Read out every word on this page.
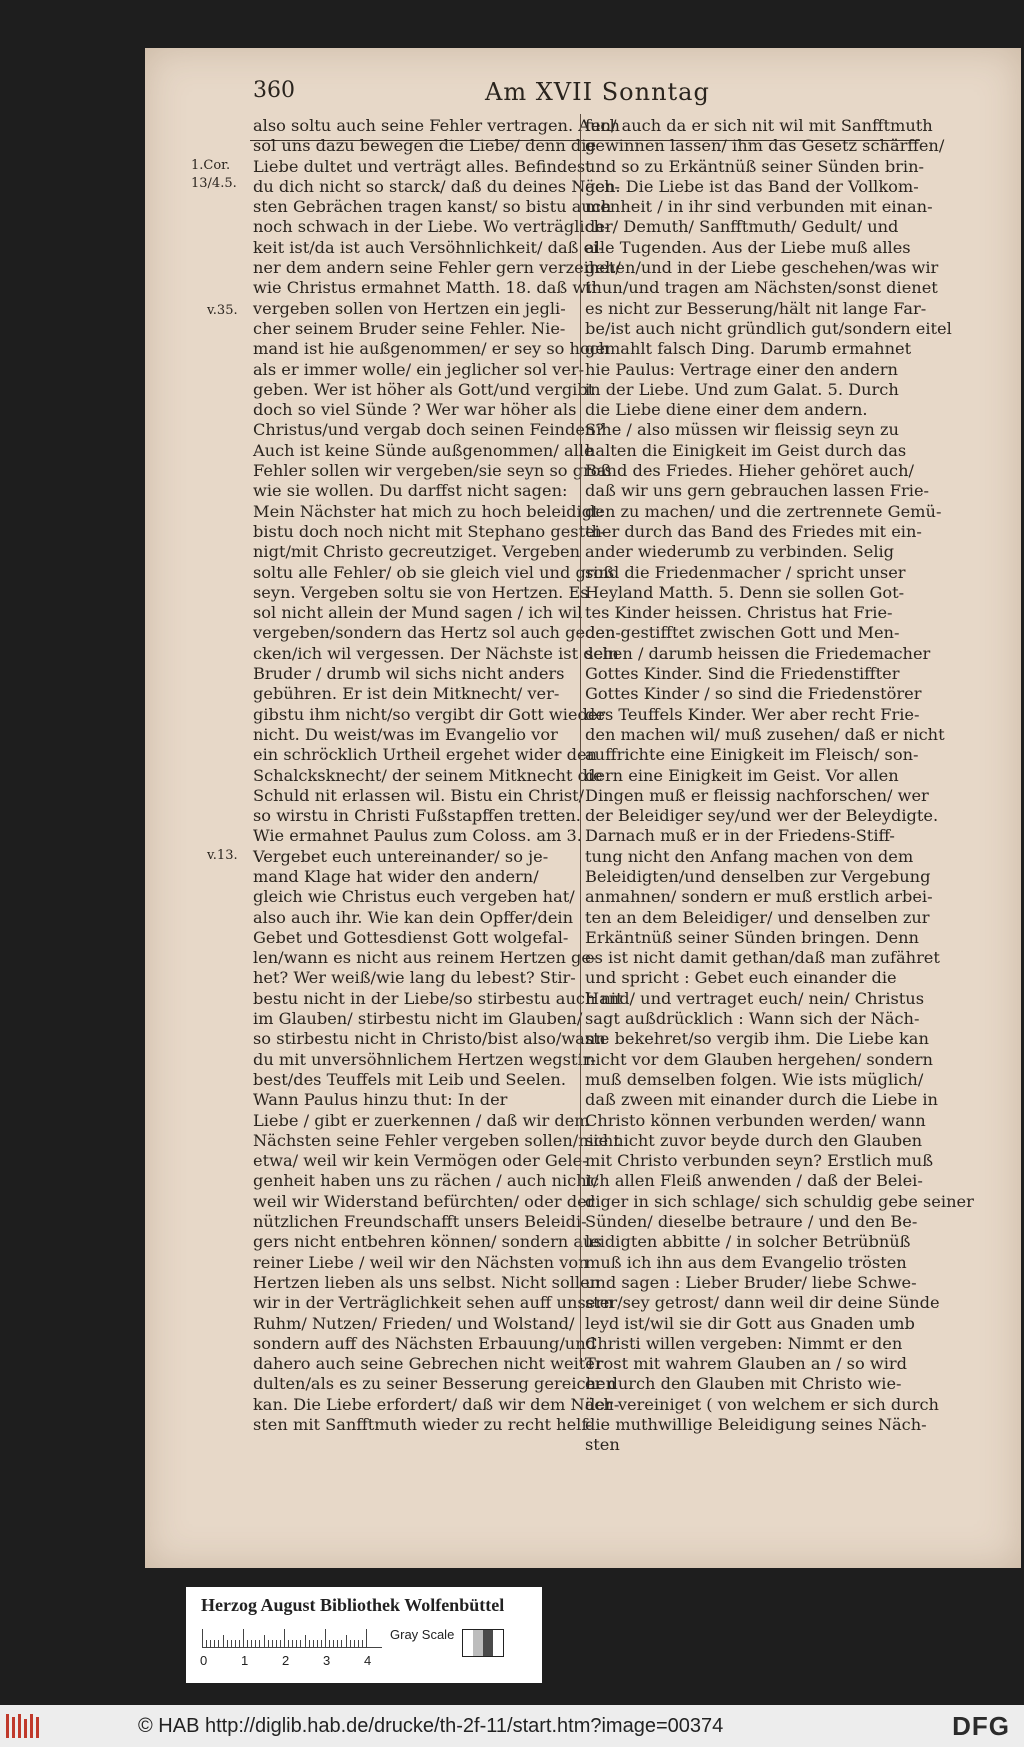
360	Am XVII Sonntag
1.Cor.
13/4.5.
v.35.
v.13.

also soltu auch seine Fehler vertragen. Auch

sol uns dazu bewegen die Liebe/ denn die

Liebe dultet und verträgt alles. Befindest

du dich nicht so starck/ daß du deines Näch-

sten Gebrächen tragen kanst/ so bistu auch

noch schwach in der Liebe. Wo verträglich-

keit ist/da ist auch Versöhnlichkeit/ daß ei-

ner dem andern seine Fehler gern verzeihet/

wie Christus ermahnet Matth. 18. daß wir

vergeben sollen von Hertzen ein jegli-

cher seinem Bruder seine Fehler. Nie-

mand ist hie außgenommen/ er sey so hoch

als er immer wolle/ ein jeglicher sol ver-

geben. Wer ist höher als Gott/und vergibt

doch so viel Sünde ? Wer war höher als

Christus/und vergab doch seinen Feinden?

Auch ist keine Sünde außgenommen/ alle

Fehler sollen wir vergeben/sie seyn so groß

wie sie wollen. Du darffst nicht sagen:

Mein Nächster hat mich zu hoch beleidigt:

bistu doch noch nicht mit Stephano gestei-

nigt/mit Christo gecreutziget. Vergeben

soltu alle Fehler/ ob sie gleich viel und groß

seyn. Vergeben soltu sie von Hertzen. Es

sol nicht allein der Mund sagen / ich wil

vergeben/sondern das Hertz sol auch geden-

cken/ich wil vergessen. Der Nächste ist dein

Bruder / drumb wil sichs nicht anders

gebühren. Er ist dein Mitknecht/ ver-

gibstu ihm nicht/so vergibt dir Gott wieder

nicht. Du weist/was im Evangelio vor

ein schröcklich Urtheil ergehet wider den

Schalcksknecht/ der seinem Mitknecht die

Schuld nit erlassen wil. Bistu ein Christ/

so wirstu in Christi Fußstapffen tretten.

Wie ermahnet Paulus zum Coloss. am 3.

Vergebet euch untereinander/ so je-

mand Klage hat wider den andern/

gleich wie Christus euch vergeben hat/

also auch ihr. Wie kan dein Opffer/dein

Gebet und Gottesdienst Gott wolgefal-

len/wann es nicht aus reinem Hertzen ge-

het? Wer weiß/wie lang du lebest? Stir-

bestu nicht in der Liebe/so stirbestu auch nit

im Glauben/ stirbestu nicht im Glauben/

so stirbestu nicht in Christo/bist also/wann

du mit unversöhnlichem Hertzen wegstir-

best/des Teuffels mit Leib und Seelen.

Wann Paulus hinzu thut: In der

Liebe / gibt er zuerkennen / daß wir dem

Nächsten seine Fehler vergeben sollen/nicht

etwa/ weil wir kein Vermögen oder Gele-

genheit haben uns zu rächen / auch nicht/

weil wir Widerstand befürchten/ oder der

nützlichen Freundschafft unsers Beleidi-

gers nicht entbehren können/ sondern aus

reiner Liebe / weil wir den Nächsten von

Hertzen lieben als uns selbst. Nicht sollen

wir in der Verträglichkeit sehen auff unsern

Ruhm/ Nutzen/ Frieden/ und Wolstand/

sondern auff des Nächsten Erbauung/und

dahero auch seine Gebrechen nicht weiter

dulten/als es zu seiner Besserung gereichen

kan. Die Liebe erfordert/ daß wir dem Näch-

sten mit Sanfftmuth wieder zu recht helf-

fen/ auch da er sich nit wil mit Sanfftmuth

gewinnen lassen/ ihm das Gesetz schärffen/

und so zu Erkäntnüß seiner Sünden brin-

gen. Die Liebe ist das Band der Vollkom-

menheit / in ihr sind verbunden mit einan-

der/ Demuth/ Sanfftmuth/ Gedult/ und

alle Tugenden. Aus der Liebe muß alles

gehen/und in der Liebe geschehen/was wir

thun/und tragen am Nächsten/sonst dienet

es nicht zur Besserung/hält nit lange Far-

be/ist auch nicht gründlich gut/sondern eitel

gemahlt falsch Ding. Darumb ermahnet

hie Paulus: Vertrage einer den andern

in der Liebe. Und zum Galat. 5. Durch

die Liebe diene einer dem andern.

Sihe / also müssen wir fleissig seyn zu

halten die Einigkeit im Geist durch das

Band des Friedes. Hieher gehöret auch/

daß wir uns gern gebrauchen lassen Frie-

den zu machen/ und die zertrennete Gemü-

ther durch das Band des Friedes mit ein-

ander wiederumb zu verbinden. Selig

sind die Friedenmacher / spricht unser

Heyland Matth. 5. Denn sie sollen Got-

tes Kinder heissen. Christus hat Frie-

den gestifftet zwischen Gott und Men-

schen / darumb heissen die Friedemacher

Gottes Kinder. Sind die Friedenstiffter

Gottes Kinder / so sind die Friedenstörer

des Teuffels Kinder. Wer aber recht Frie-

den machen wil/ muß zusehen/ daß er nicht

auffrichte eine Einigkeit im Fleisch/ son-

dern eine Einigkeit im Geist. Vor allen

Dingen muß er fleissig nachforschen/ wer

der Beleidiger sey/und wer der Beleydigte.

Darnach muß er in der Friedens-Stiff-

tung nicht den Anfang machen von dem

Beleidigten/und denselben zur Vergebung

anmahnen/ sondern er muß erstlich arbei-

ten an dem Beleidiger/ und denselben zur

Erkäntnüß seiner Sünden bringen. Denn

es ist nicht damit gethan/daß man zufähret

und spricht : Gebet euch einander die

Hand/ und vertraget euch/ nein/ Christus

sagt außdrücklich : Wann sich der Näch-

ste bekehret/so vergib ihm. Die Liebe kan

nicht vor dem Glauben hergehen/ sondern

muß demselben folgen. Wie ists müglich/

daß zween mit einander durch die Liebe in

Christo können verbunden werden/ wann

sie nicht zuvor beyde durch den Glauben

mit Christo verbunden seyn? Erstlich muß

ich allen Fleiß anwenden / daß der Belei-

diger in sich schlage/ sich schuldig gebe seiner

Sünden/ dieselbe betraure / und den Be-

leidigten abbitte / in solcher Betrübnüß

muß ich ihn aus dem Evangelio trösten

und sagen : Lieber Bruder/ liebe Schwe-

ster/sey getrost/ dann weil dir deine Sünde

leyd ist/wil sie dir Gott aus Gnaden umb

Christi willen vergeben: Nimmt er den

Trost mit wahrem Glauben an / so wird

er durch den Glauben mit Christo wie-

der vereiniget ( von welchem er sich durch

die muthwillige Beleidigung seines Näch-

sten

Herzog August Bibliothek Wolfenbüttel
0	1	2	3	4
Gray Scale
© HAB http://diglib.hab.de/drucke/th-2f-11/start.htm?image=00374	DFG
